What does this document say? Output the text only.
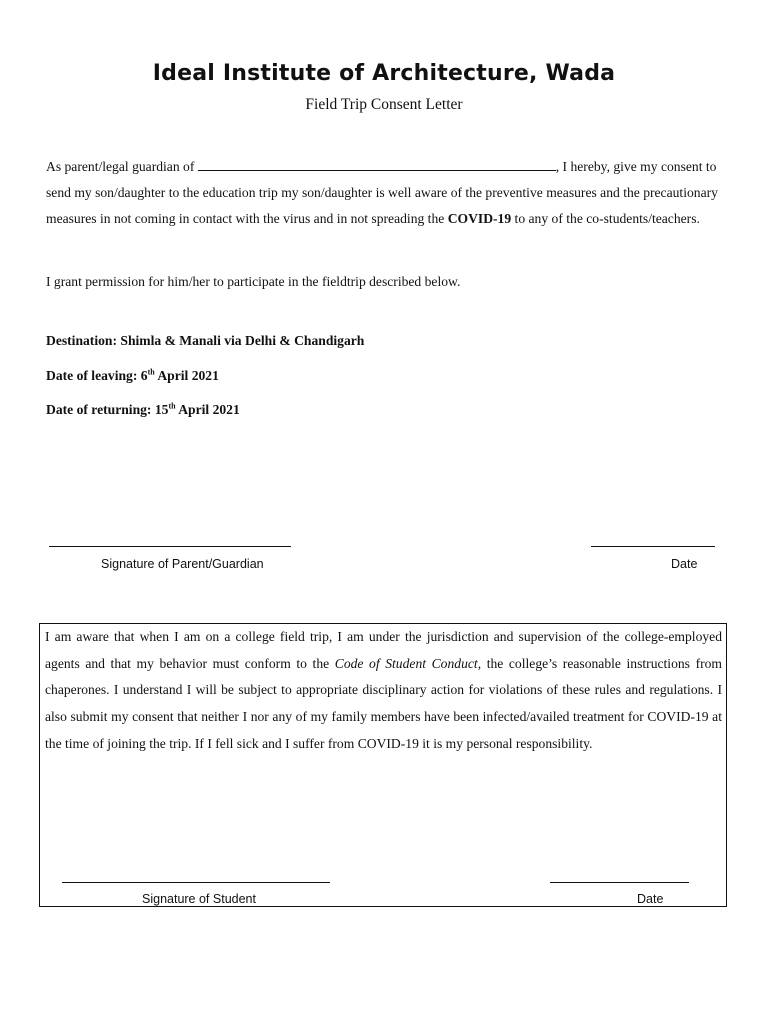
Ideal Institute of Architecture, Wada
Field Trip Consent Letter
As parent/legal guardian of	, I hereby, give my consent to send my son/daughter to the education trip my son/daughter is well aware of the preventive measures and the precautionary measures in not coming in contact with the virus and in not spreading the COVID-19 to any of the co-students/teachers.
I grant permission for him/her to participate in the fieldtrip described below.
Destination: Shimla & Manali via Delhi & Chandigarh
Date of leaving: 6th April 2021
Date of returning: 15th April 2021
Signature of Parent/Guardian	Date
I am aware that when I am on a college field trip, I am under the jurisdiction and supervision of the college-employed agents and that my behavior must conform to the Code of Student Conduct, the college’s reasonable instructions from chaperones. I understand I will be subject to appropriate disciplinary action for violations of these rules and regulations. I also submit my consent that neither I nor any of my family members have been infected/availed treatment for COVID-19 at the time of joining the trip. If I fell sick and I suffer from COVID-19 it is my personal responsibility.
Signature of Student	Date
